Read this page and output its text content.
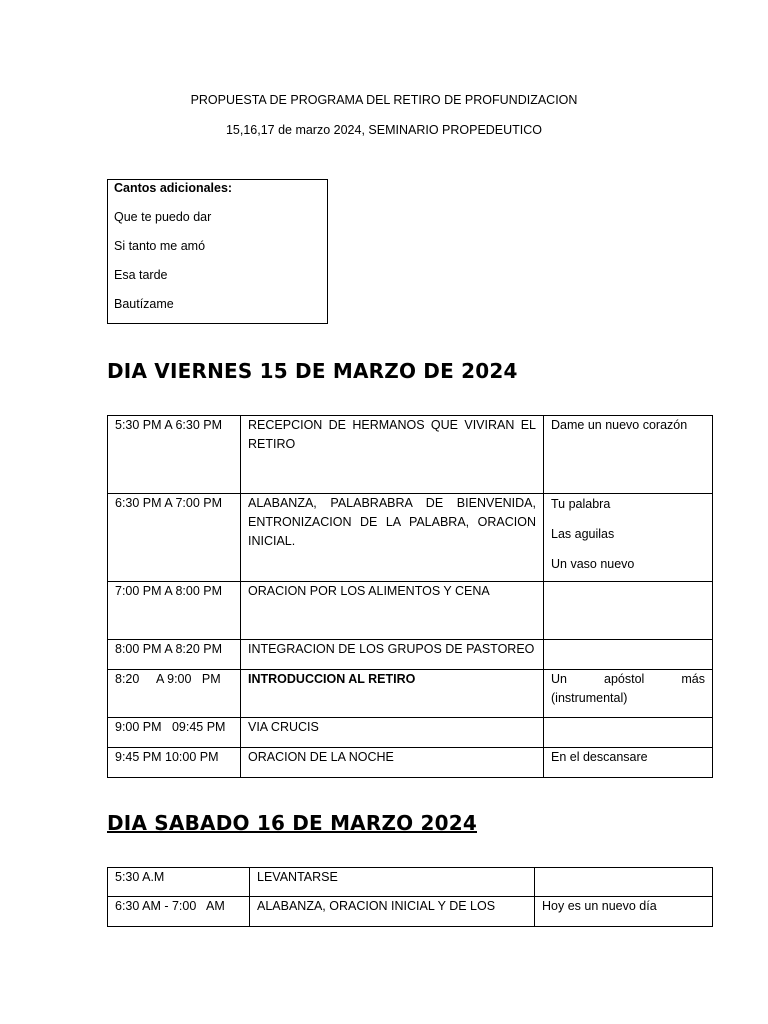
PROPUESTA DE PROGRAMA DEL RETIRO DE PROFUNDIZACION
15,16,17 de marzo 2024, SEMINARIO PROPEDEUTICO
Cantos adicionales:
Que te puedo dar
Si tanto me amó
Esa tarde
Bautízame
DIA VIERNES 15 DE MARZO DE 2024
5:30 PM A 6:30 PM	RECEPCION DE HERMANOS QUE VIVIRAN EL RETIRO	Dame un nuevo corazón
6:30 PM A 7:00 PM	ALABANZA, PALABRABRA DE BIENVENIDA, ENTRONIZACION DE LA PALABRA, ORACION INICIAL.	Tu palabra
Las aguilas
Un vaso nuevo

7:00 PM A 8:00 PM	ORACION POR LOS ALIMENTOS Y CENA	
8:00 PM A 8:20 PM	INTEGRACION DE LOS GRUPOS DE PASTOREO	
8:20     A 9:00   PM	INTRODUCCION AL RETIRO	Un apóstol más (instrumental)
9:00 PM   09:45 PM	VIA CRUCIS	
9:45 PM 10:00 PM	ORACION DE LA NOCHE	En el descansare
DIA SABADO 16 DE MARZO 2024
5:30 A.M	LEVANTARSE	
6:30 AM - 7:00   AM	ALABANZA, ORACION INICIAL Y DE LOS	Hoy es un nuevo día
